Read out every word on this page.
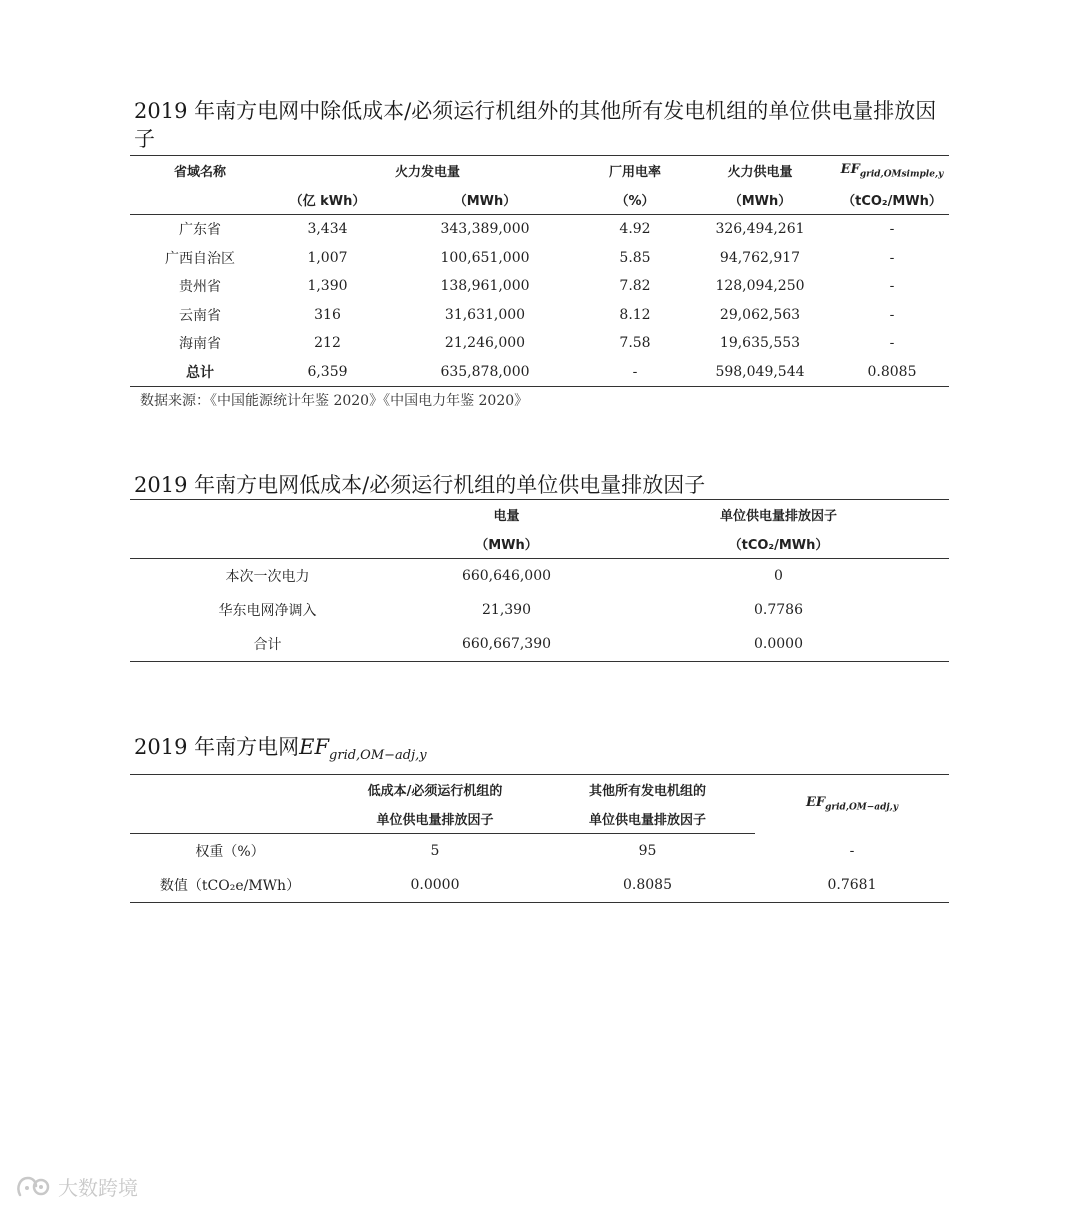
2019 年南方电网中除低成本/必须运行机组外的其他所有发电机组的单位供电量排放因子
省域名称	火力发电量		厂用电率	火力供电量	$EF_{grid,OMsimple,y}$
	（亿 kWh）	（MWh）	（%）	（MWh）	（tCO₂/MWh）
广东省	3,434	343,389,000	4.92	326,494,261	-
广西自治区	1,007	100,651,000	5.85	94,762,917	-
贵州省	1,390	138,961,000	7.82	128,094,250	-
云南省	316	31,631,000	8.12	29,062,563	-
海南省	212	21,246,000	7.58	19,635,553	-
总计	6,359	635,878,000	-	598,049,544	0.8085
数据来源：《中国能源统计年鉴 2020》《中国电力年鉴 2020》
2019 年南方电网低成本/必须运行机组的单位供电量排放因子
	电量	单位供电量排放因子
	（MWh）	（tCO₂/MWh）
本次一次电力	660,646,000	0
华东电网净调入	21,390	0.7786
合计	660,667,390	0.0000
2019 年南方电网$EF_{grid,OM-adj,y}$
	低成本/必须运行机组的	其他所有发电机组的	$EF_{grid,OM-adj,y}$
	单位供电量排放因子	单位供电量排放因子	
权重（%）	5	95	-
数值（tCO₂e/MWh）	0.0000	0.8085	0.7681
大数跨境
